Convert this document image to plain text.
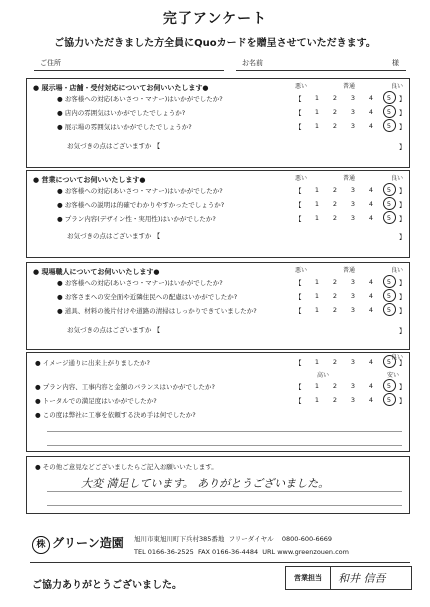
完了アンケート
ご協力いただきました方全員にQuoカードを贈呈させていただきます。
ご住所	お名前	様
● 展示場・店舗・受付対応についてお伺いいたします●	悪い	普通	良い
● お客様への対応(あいさつ・マナー)はいかがでしたか?	【 1 2 3 4 5 】
● 店内の雰囲気はいかがでしたでしょうか?	【 1 2 3 4 5 】
● 展示場の雰囲気はいかがでしたでしょうか?	【 1 2 3 4 5 】
お気づきの点はございますか 【	】
● 営業についてお伺いいたします●	悪い	普通	良い
● お客様への対応(あいさつ・マナー)はいかがでしたか?	【 1 2 3 4 5 】
● お客様への説明は的確でわかりやすかったでしょうか?	【 1 2 3 4 5 】
● プラン内容(デザイン性・実用性)はいかがでしたか?	【 1 2 3 4 5 】
お気づきの点はございますか 【	】
● 現場職人についてお伺いいたします●	悪い	普通	良い
● お客様への対応(あいさつ・マナー)はいかがでしたか?	【 1 2 3 4 5 】
● お客さまへの安全面や近隣住民への配慮はいかがでしたか?	【 1 2 3 4 5 】
● 道具、材料の後片付けや道路の清掃はしっかりできていましたか?	【 1 2 3 4 5 】
お気づきの点はございますか 【	】
良い
● イメージ通りに出来上がりましたか?	【 1 2 3 4 5 】
高い	安い
● プラン内容、工事内容と金額のバランスはいかがでしたか?	【 1 2 3 4 5 】
● トータルでの満足度はいかがでしたか?	【 1 2 3 4 5 】
● この度は弊社に工事を依頼する決め手は何でしたか?
● その他ご意見などございましたらご記入お願いいたします。
大変 満足しています。 ありがとうございました。
株 グリーン造園 旭川市東旭川町下兵村385番地 フリーダイヤル 0800-600-6669
TEL 0166-36-2525 FAX 0166-36-4484 URL www.greenzouen.com
ご協力ありがとうございました。
営業担当	和井 信吾
